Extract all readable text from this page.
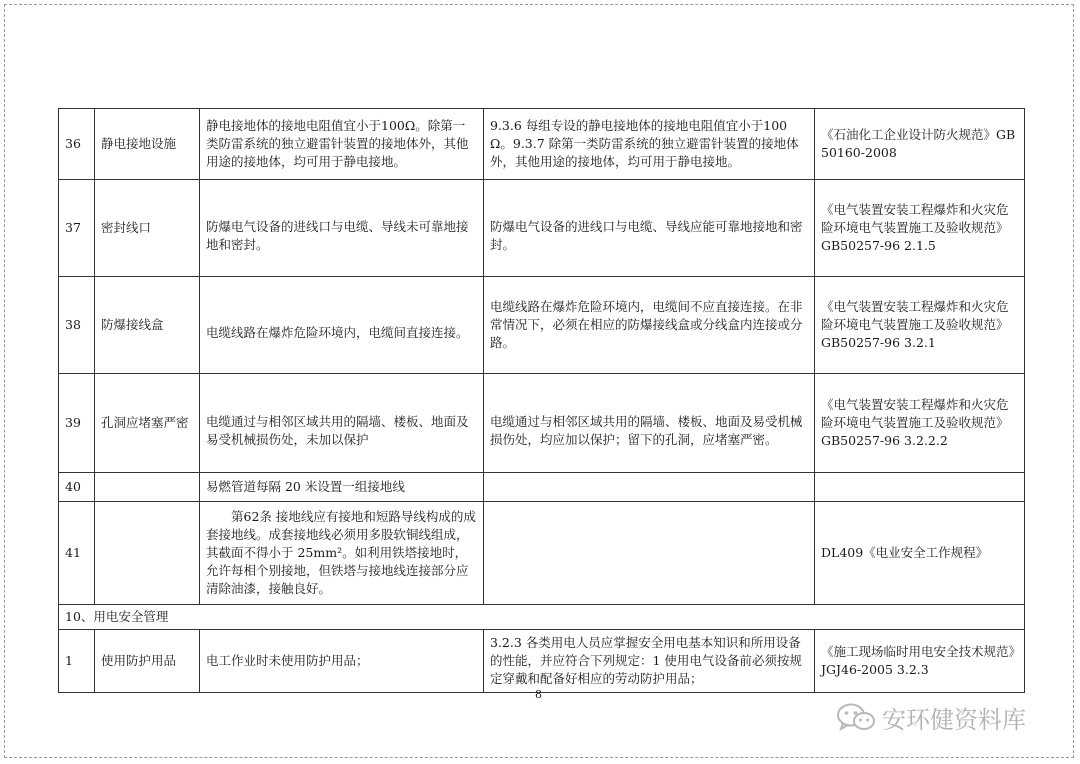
36	静电接地设施	静电接地体的接地电阻值宜小于100Ω。除第一类防雷系统的独立避雷针装置的接地体外，其他用途的接地体，均可用于静电接地。	9.3.6 每组专设的静电接地体的接地电阻值宜小于100Ω。9.3.7 除第一类防雷系统的独立避雷针装置的接地体外，其他用途的接地体，均可用于静电接地。	《石油化工企业设计防火规范》GB50160-2008
37	密封线口	防爆电气设备的进线口与电缆、导线未可靠地接地和密封。	防爆电气设备的进线口与电缆、导线应能可靠地接地和密封。	《电气装置安装工程爆炸和火灾危险环境电气装置施工及验收规范》GB50257-96 2.1.5
38	防爆接线盒	电缆线路在爆炸危险环境内，电缆间直接连接。	电缆线路在爆炸危险环境内，电缆间不应直接连接。在非常情况下，必须在相应的防爆接线盒或分线盒内连接或分路。	《电气装置安装工程爆炸和火灾危险环境电气装置施工及验收规范》GB50257-96 3.2.1
39	孔洞应堵塞严密	电缆通过与相邻区域共用的隔墙、楼板、地面及易受机械损伤处，未加以保护	电缆通过与相邻区域共用的隔墙、楼板、地面及易受机械损伤处，均应加以保护；留下的孔洞，应堵塞严密。	《电气装置安装工程爆炸和火灾危险环境电气装置施工及验收规范》GB50257-96 3.2.2.2
40		易燃管道每隔 20 米设置一组接地线		
41		第62条 接地线应有接地和短路导线构成的成套接地线。成套接地线必须用多股软铜线组成，其截面不得小于 25mm²。如利用铁塔接地时，允许每相个别接地，但铁塔与接地线连接部分应清除油漆，接触良好。		DL409《电业安全工作规程》
10、用电安全管理				
1	使用防护用品	电工作业时未使用防护用品；	3.2.3 各类用电人员应掌握安全用电基本知识和所用设备的性能，并应符合下列规定：1 使用电气设备前必须按规定穿戴和配备好相应的劳动防护用品；	《施工现场临时用电安全技术规范》JGJ46-2005 3.2.3
8
安环健资料库
